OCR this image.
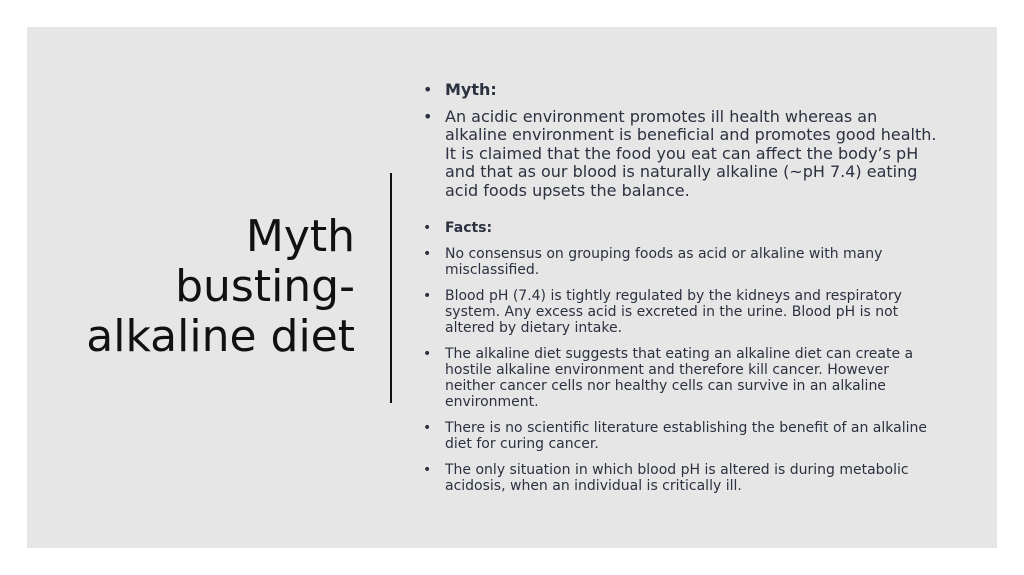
Myth
busting-
alkaline diet
• Myth:
• An acidic environment promotes ill health whereas an alkaline environment is beneficial and promotes good health. It is claimed that the food you eat can affect the body’s pH and that as our blood is naturally alkaline (~pH 7.4) eating acid foods upsets the balance.
• Facts:
• No consensus on grouping foods as acid or alkaline with many misclassified.
• Blood pH (7.4) is tightly regulated by the kidneys and respiratory system. Any excess acid is excreted in the urine. Blood pH is not altered by dietary intake.
• The alkaline diet suggests that eating an alkaline diet can create a hostile alkaline environment and therefore kill cancer. However neither cancer cells nor healthy cells can survive in an alkaline environment.
• There is no scientific literature establishing the benefit of an alkaline diet for curing cancer.
• The only situation in which blood pH is altered is during metabolic acidosis, when an individual is critically ill.
